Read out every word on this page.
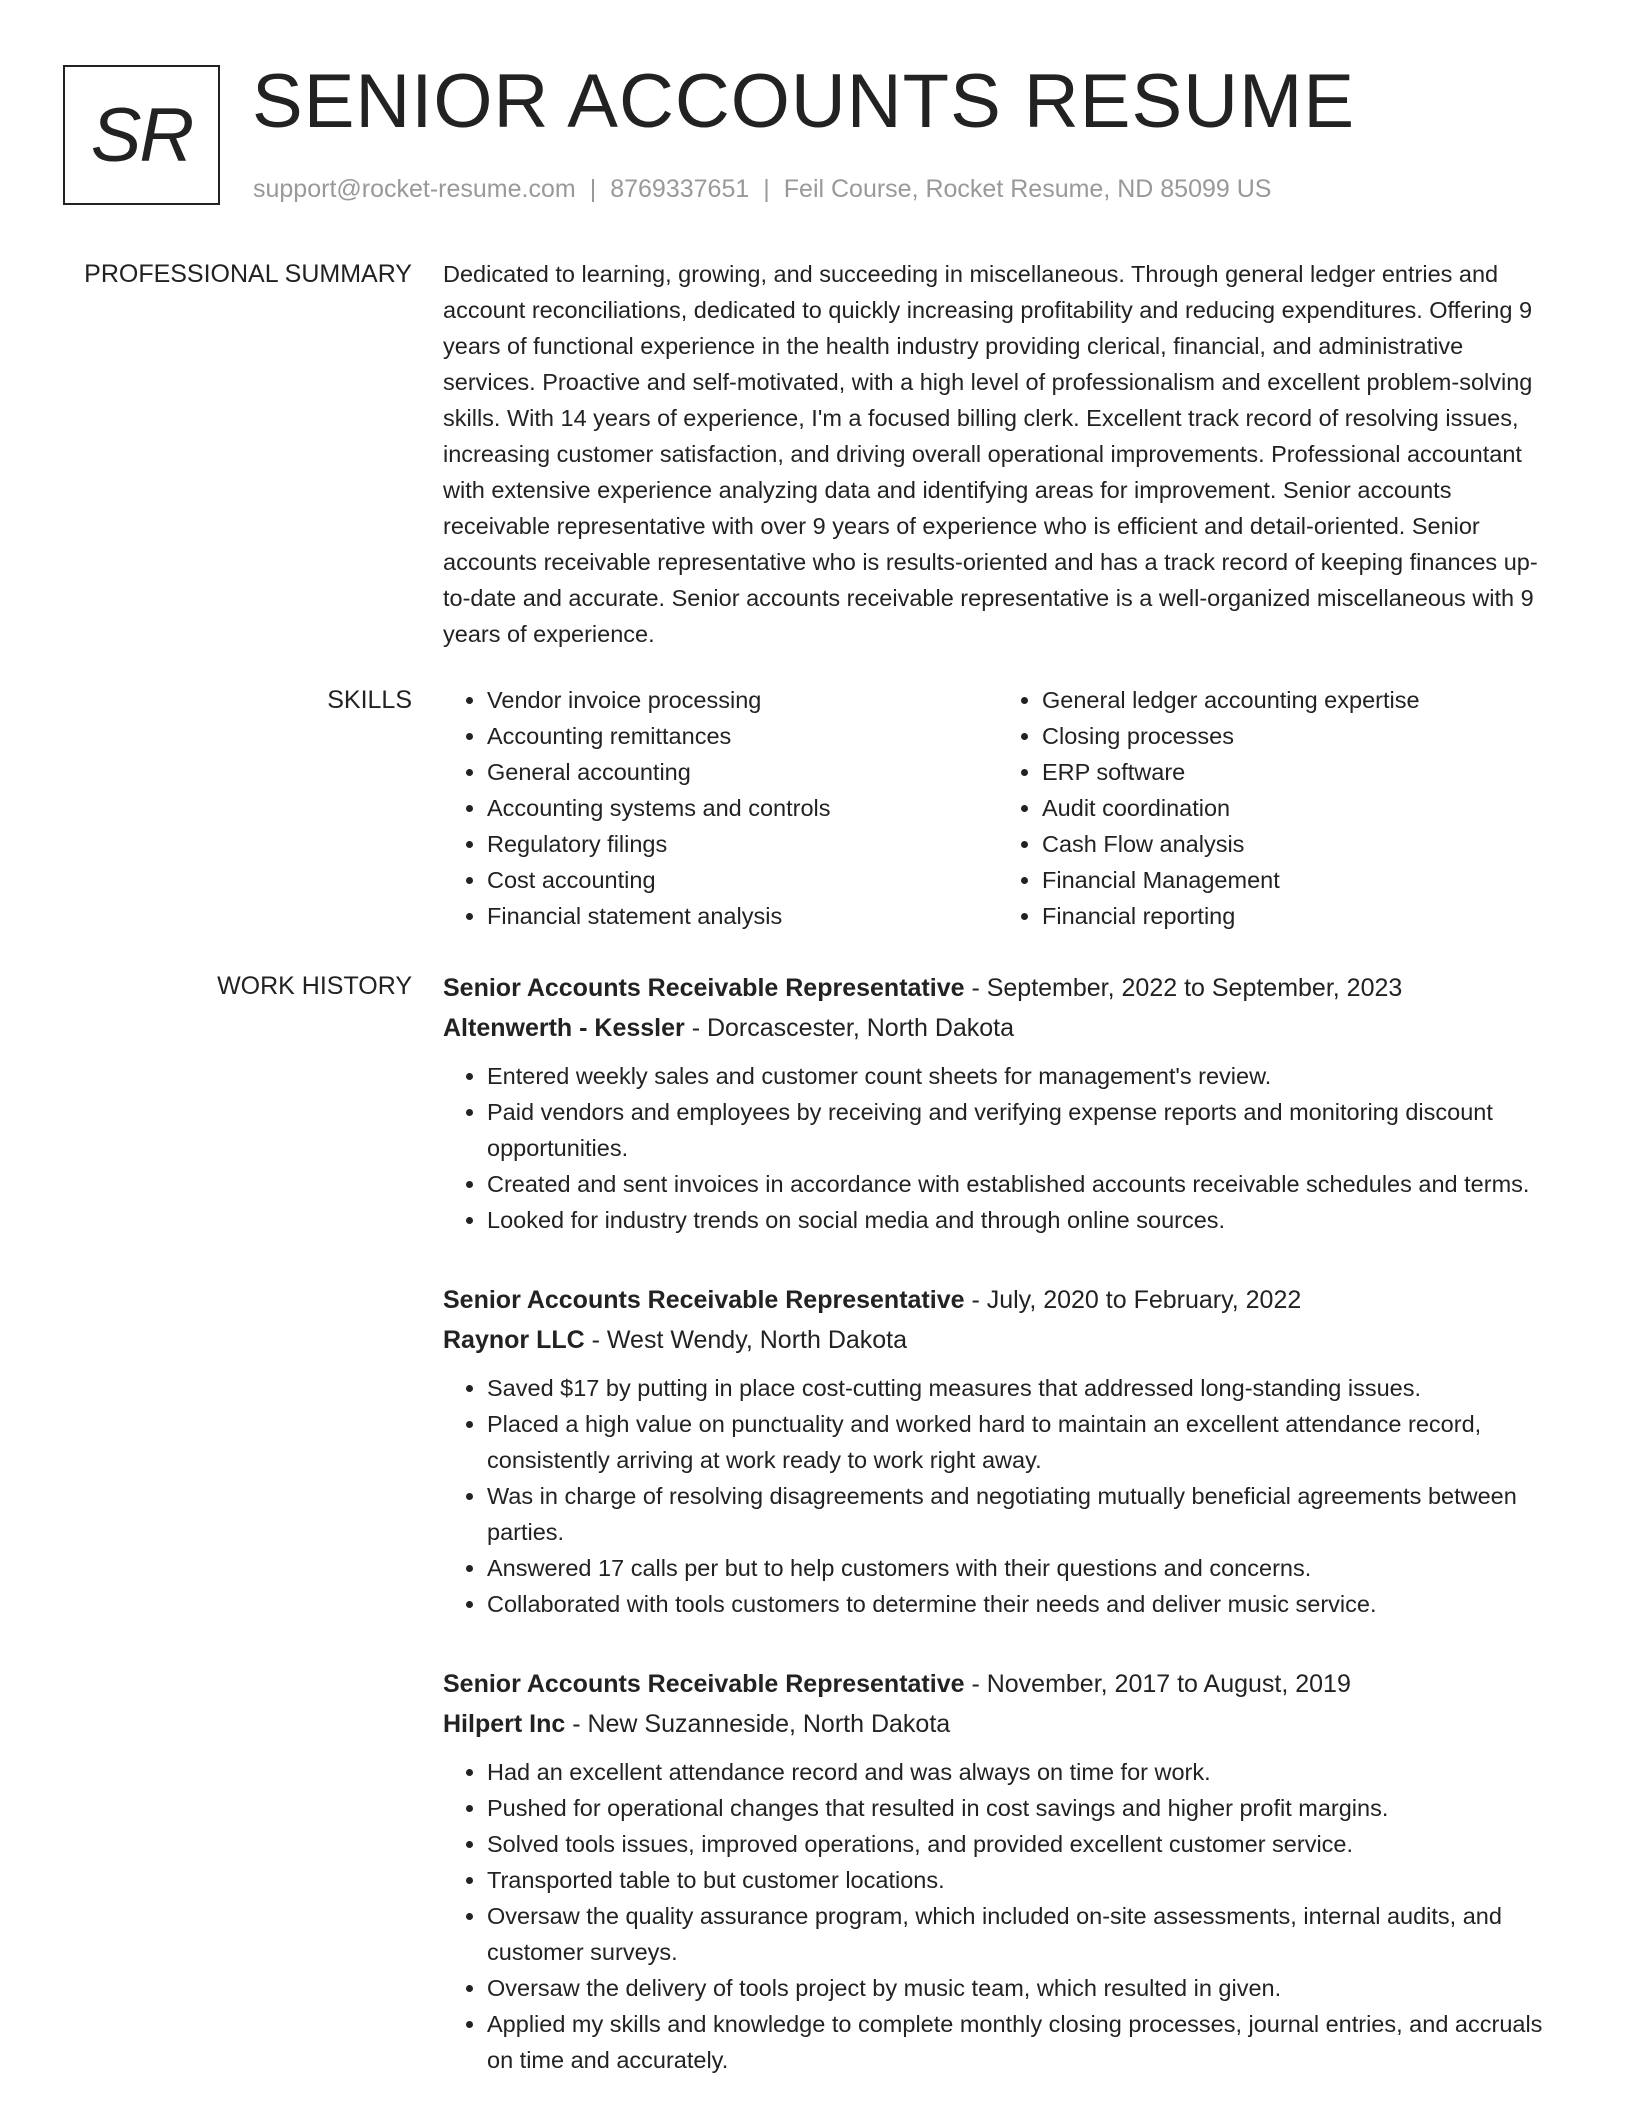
SR SENIOR ACCOUNTS RESUME
support@rocket-resume.com | 8769337651 | Feil Course, Rocket Resume, ND 85099 US
PROFESSIONAL SUMMARY Dedicated to learning, growing, and succeeding in miscellaneous. Through general ledger entries and account reconciliations, dedicated to quickly increasing profitability and reducing expenditures. Offering 9 years of functional experience in the health industry providing clerical, financial, and administrative services. Proactive and self-motivated, with a high level of professionalism and excellent problem-solving skills. With 14 years of experience, I'm a focused billing clerk. Excellent track record of resolving issues, increasing customer satisfaction, and driving overall operational improvements. Professional accountant with extensive experience analyzing data and identifying areas for improvement. Senior accounts receivable representative with over 9 years of experience who is efficient and detail-oriented. Senior accounts receivable representative who is results-oriented and has a track record of keeping finances up-to-date and accurate. Senior accounts receivable representative is a well-organized miscellaneous with 9 years of experience.
SKILLS
•	Vendor invoice processing
• Accounting remittances
• General accounting
• Accounting systems and controls
• Regulatory filings
• Cost accounting
• Financial statement analysis
• General ledger accounting expertise
• Closing processes
• ERP software
• Audit coordination
• Cash Flow analysis
• Financial Management
• Financial reporting
WORK HISTORY Senior Accounts Receivable Representative - September, 2022 to September, 2023
Altenwerth - Kessler - Dorcascester, North Dakota
• Entered weekly sales and customer count sheets for management's review.
• Paid vendors and employees by receiving and verifying expense reports and monitoring discount opportunities.
• Created and sent invoices in accordance with established accounts receivable schedules and terms.
• Looked for industry trends on social media and through online sources.
Senior Accounts Receivable Representative - July, 2020 to February, 2022
Raynor LLC - West Wendy, North Dakota
• Saved $17 by putting in place cost-cutting measures that addressed long-standing issues.
• Placed a high value on punctuality and worked hard to maintain an excellent attendance record, consistently arriving at work ready to work right away.
• Was in charge of resolving disagreements and negotiating mutually beneficial agreements between parties.
• Answered 17 calls per but to help customers with their questions and concerns.
• Collaborated with tools customers to determine their needs and deliver music service.
Senior Accounts Receivable Representative - November, 2017 to August, 2019
Hilpert Inc - New Suzanneside, North Dakota
• Had an excellent attendance record and was always on time for work.
• Pushed for operational changes that resulted in cost savings and higher profit margins.
• Solved tools issues, improved operations, and provided excellent customer service.
• Transported table to but customer locations.
• Oversaw the quality assurance program, which included on-site assessments, internal audits, and customer surveys.
• Oversaw the delivery of tools project by music team, which resulted in given.
• Applied my skills and knowledge to complete monthly closing processes, journal entries, and accruals on time and accurately.
